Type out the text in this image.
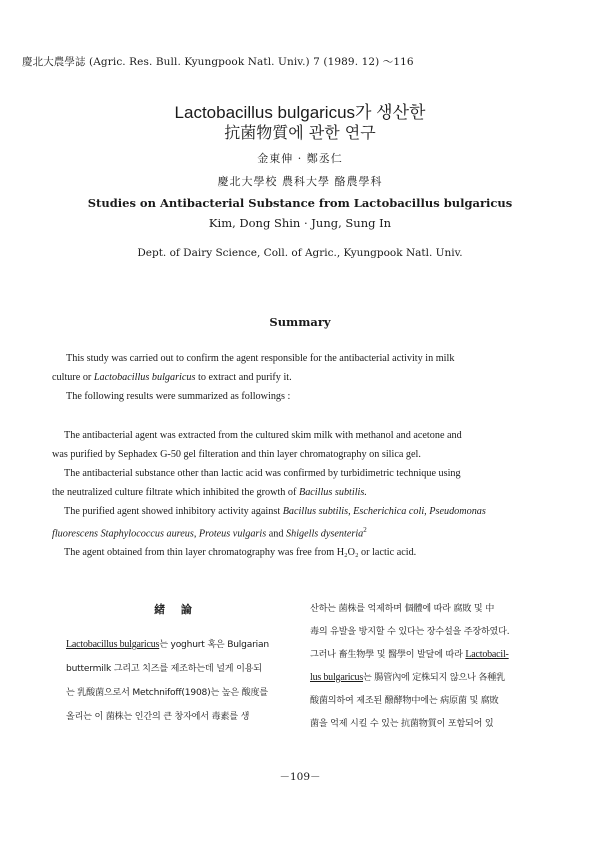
慶北大農學誌 (Agric. Res. Bull. Kyungpook Natl. Univ.) 7 (1989. 12) ～116
Lactobacillus bulgaricus가 생산한
抗菌物質에 관한 연구
金東伸 · 鄭丞仁
慶北大學校 農科大學 酪農學科
Studies on Antibacterial Substance from Lactobacillus bulgaricus
Kim, Dong Shin · Jung, Sung In
Dept. of Dairy Science, Coll. of Agric., Kyungpook Natl. Univ.
Summary
This study was carried out to confirm the agent responsible for the antibacterial activity in milk
culture or Lactobacillus bulgaricus to extract and purify it.
The following results were summarized as followings :
The antibacterial agent was extracted from the cultured skim milk with methanol and acetone and
was purified by Sephadex G-50 gel filteration and thin layer chromatography on silica gel.
The antibacterial substance other than lactic acid was confirmed by turbidimetric technique using
the neutralized culture filtrate which inhibited the growth of Bacillus subtilis.
The purified agent showed inhibitory activity against Bacillus subtilis, Escherichica coli, Pseudomonas
fluorescens Staphylococcus aureus, Proteus vulgaris and Shigells dysenteria$^2$
The agent obtained from thin layer chromatography was free from H₂O₂ or lactic acid.
緒 論
Lactobacillus bulgaricus는 yoghurt 혹은 Bulgarian
buttermilk 그리고 치즈를 제조하는데 널게 이용되
는 乳酸菌으로서 Metchnifoff(1908)는 높은 酸度를
올리는 이 菌株는 인간의 큰 창자에서 毒素를 생
산하는 菌株를 억제하며 個體에 따라 腐敗 및 中
毒의 유발을 방지할 수 있다는 장수설을 주장하였다.
그러나 畜生物學 및 醫學이 발달에 따라 Lactobacil-
lus bulgaricus는 腸管內에 定株되지 않으나 各種乳
酸菌의하여 제조된 醱酵物中에는 病原菌 및 腐敗
菌을 억제 시킬 수 있는 抗菌物質이 포함되어 있
－109－
